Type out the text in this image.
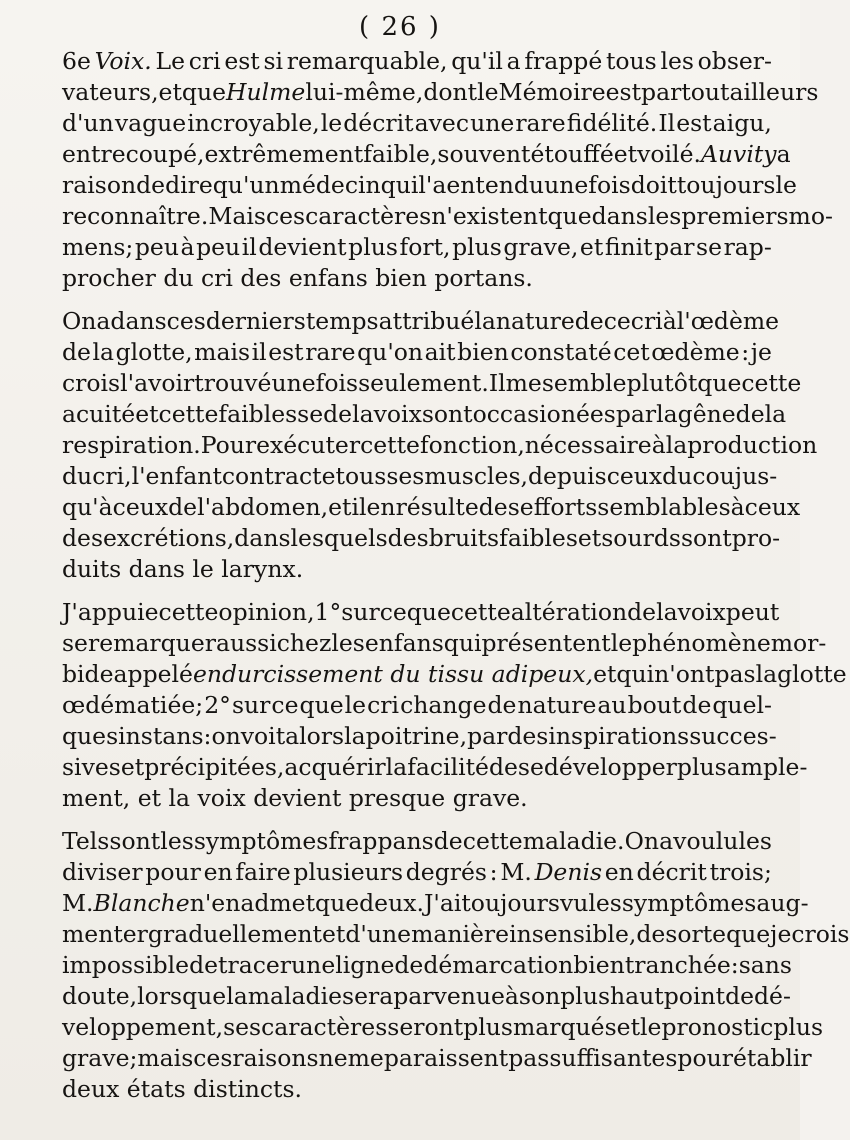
( 26 )
6e Voix. Le cri est si remarquable, qu'il a frappé tous les obser-
vateurs, et que Hulme lui-même , dont le Mémoire est partout ailleurs
d'un vague incroyable, le décrit avec une rare fidélité. Il est aigu,
entrecoupé, extrêmement faible, souvent étouffé et voilé. Auvity a
raison de dire qu'un médecin qui l'a entendu une fois doit toujours le
reconnaître. Mais ces caractères n'existent que dans les premiers mo-
mens; peu à peu il devient plus fort, plus grave, et finit par se rap-
procher du cri des enfans bien portans.
On a dans ces derniers temps attribué la nature de ce cri à l'œdème
de la glotte, mais il est rare qu'on ait bien constaté cet œdème : je
crois l'avoir trouvé une fois seulement. Il me semble plutôt que cette
acuité et cette faiblesse de la voix sont occasionées par la gêne de la
respiration. Pour exécuter cette fonction, nécessaire à la production
du cri, l'enfant contracte tous ses muscles, depuis ceux du cou jus-
qu'à ceux de l'abdomen, et il en résulte des efforts semblables à ceux
des excrétions, dans lesquels des bruits faibles et sourds sont pro-
duits dans le larynx.
J'appuie cette opinion, 1° sur ce que cette altération de la voix peut
se remarquer aussi chez les enfans qui présentent le phénomène mor-
bide appelé endurcissement du tissu adipeux, et qui n'ont pas la glotte
œdématiée; 2° sur ce que le cri change de nature au bout de quel-
ques instans : on voit alors la poitrine, par des inspirations succes-
sives et précipitées, acquérir la facilité de se développer plus ample-
ment, et la voix devient presque grave.
Tels sont les symptômes frappans de cette maladie. On a voulu les
diviser pour en faire plusieurs degrés : M. Denis en décrit trois;
M. Blanche n'en admet que deux. J'ai toujours vu les symptômes aug-
menter graduellement et d'une manière insensible, de sorte que je crois
impossible de tracer une ligne de démarcation bien tranchée : sans
doute, lorsque la maladie sera parvenue à son plus haut point de dé-
veloppement, ses caractères seront plus marqués et le pronostic plus
grave; mais ces raisons ne me paraissent pas suffisantes pour établir
deux états distincts.
